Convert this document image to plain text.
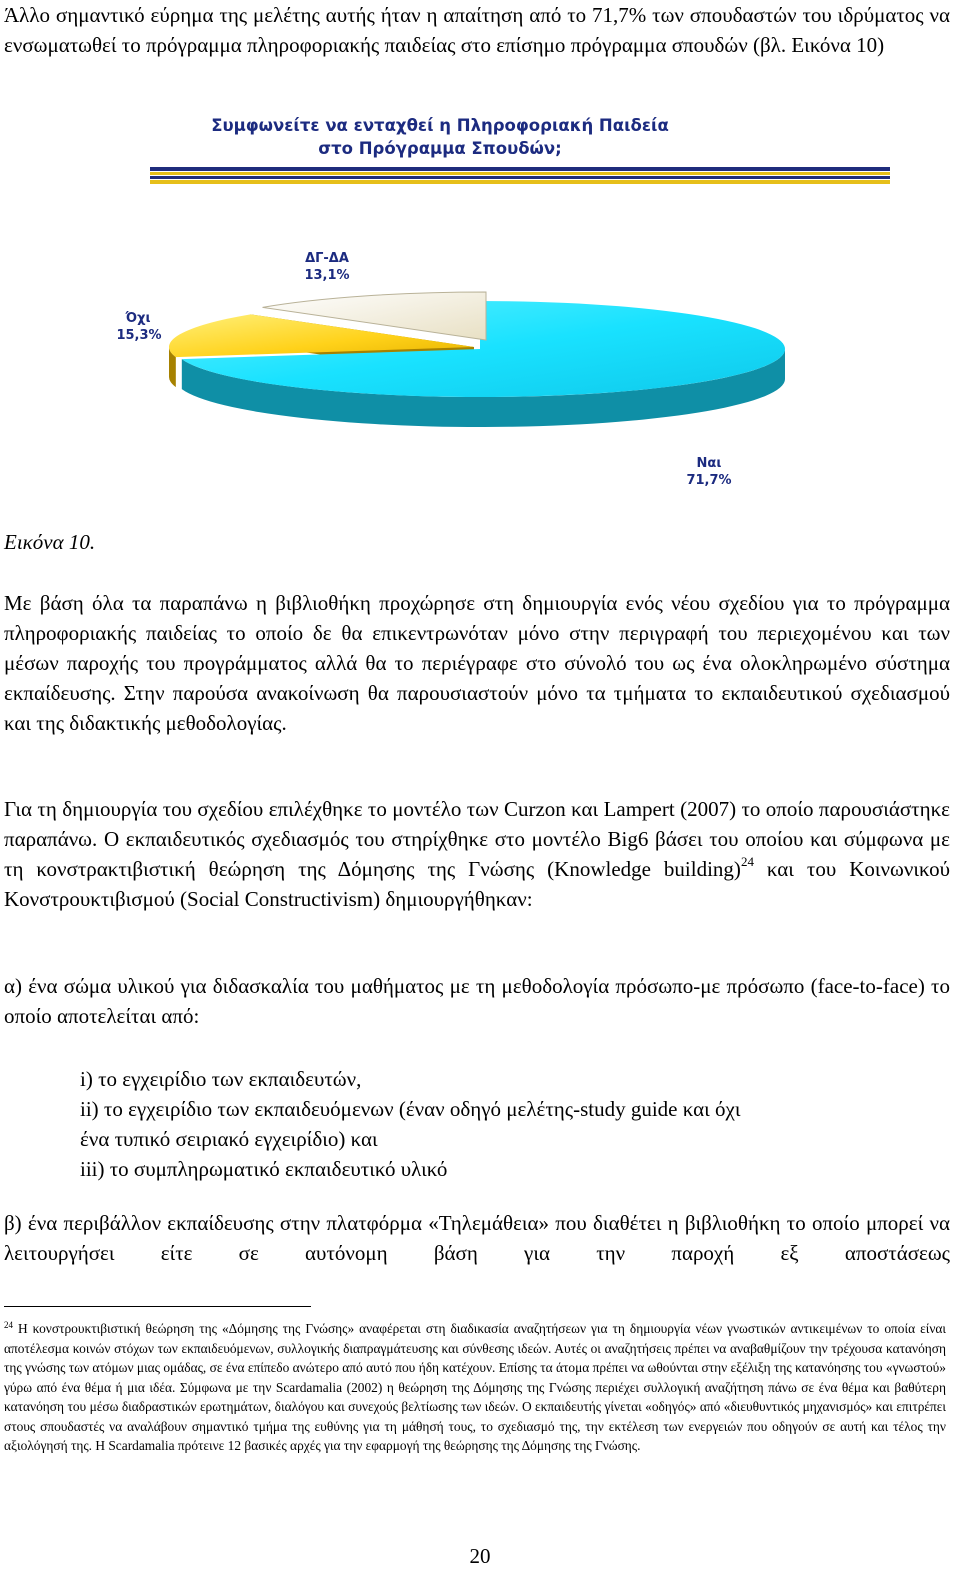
Άλλο σημαντικό εύρημα της μελέτης αυτής ήταν η απαίτηση από το 71,7% των σπουδαστών του ιδρύματος να ενσωματωθεί το πρόγραμμα πληροφοριακής παιδείας στο επίσημο πρόγραμμα σπουδών (βλ. Εικόνα 10)

Συμφωνείτε να ενταχθεί η Πληροφοριακή Παιδεία
στο Πρόγραμμα Σπουδών;
ΔΓ-ΔΑ
13,1%
Όχι
15,3%
Ναι
71,7%

Εικόνα 10.

Με βάση όλα τα παραπάνω η βιβλιοθήκη προχώρησε στη δημιουργία ενός νέου σχεδίου για το πρόγραμμα πληροφοριακής παιδείας το οποίο δε θα επικεντρωνόταν μόνο στην περιγραφή του περιεχομένου και των μέσων παροχής του προγράμματος αλλά θα το περιέγραφε στο σύνολό του ως ένα ολοκληρωμένο σύστημα εκπαίδευσης. Στην παρούσα ανακοίνωση θα παρουσιαστούν μόνο τα τμήματα το εκπαιδευτικού σχεδιασμού και της διδακτικής μεθοδολογίας.

Για τη δημιουργία του σχεδίου επιλέχθηκε το μοντέλο των Curzon και Lampert (2007) το οποίο παρουσιάστηκε παραπάνω. Ο εκπαιδευτικός σχεδιασμός του στηρίχθηκε στο μοντέλο Big6 βάσει του οποίου και σύμφωνα με τη κονστρακτιβιστική θεώρηση της Δόμησης της Γνώσης (Knowledge building)$^{24}$ και του Κοινωνικού Κονστρουκτιβισμού (Social Constructivism) δημιουργήθηκαν:

α) ένα σώμα υλικού για διδασκαλία του μαθήματος με τη μεθοδολογία πρόσωπο-με πρόσωπο (face-to-face) το οποίο αποτελείται από:

i) το εγχειρίδιο των εκπαιδευτών,
ii) το εγχειρίδιο των εκπαιδευόμενων (έναν οδηγό μελέτης-study guide και όχι
ένα τυπικό σειριακό εγχειρίδιο) και
iii) το συμπληρωματικό εκπαιδευτικό υλικό

β) ένα περιβάλλον εκπαίδευσης στην πλατφόρμα «Τηλεμάθεια» που διαθέτει η βιβλιοθήκη το οποίο μπορεί να λειτουργήσει είτε σε αυτόνομη βάση για την παροχή εξ αποστάσεως

$^{24}$ Η κονστρουκτιβιστική θεώρηση της «Δόμησης της Γνώσης» αναφέρεται στη διαδικασία αναζητήσεων για τη δημιουργία νέων γνωστικών αντικειμένων το οποία είναι αποτέλεσμα κοινών στόχων των εκπαιδευόμενων, συλλογικής διαπραγμάτευσης και σύνθεσης ιδεών. Αυτές οι αναζητήσεις πρέπει να αναβαθμίζουν την τρέχουσα κατανόηση της γνώσης των ατόμων μιας ομάδας, σε ένα επίπεδο ανώτερο από αυτό που ήδη κατέχουν. Επίσης τα άτομα πρέπει να ωθούνται στην εξέλιξη της κατανόησης του «γνωστού» γύρω από ένα θέμα ή μια ιδέα. Σύμφωνα με την Scardamalia (2002) η θεώρηση της Δόμησης της Γνώσης περιέχει συλλογική αναζήτηση πάνω σε ένα θέμα και βαθύτερη κατανόηση του μέσω διαδραστικών ερωτημάτων, διαλόγου και συνεχούς βελτίωσης των ιδεών. Ο εκπαιδευτής γίνεται «οδηγός» από «διευθυντικός μηχανισμός» και επιτρέπει στους σπουδαστές να αναλάβουν σημαντικό τμήμα της ευθύνης για τη μάθησή τους, το σχεδιασμό της, την εκτέλεση των ενεργειών που οδηγούν σε αυτή και τέλος την αξιολόγησή της. Η Scardamalia πρότεινε 12 βασικές αρχές για την εφαρμογή της θεώρησης της Δόμησης της Γνώσης.

20
